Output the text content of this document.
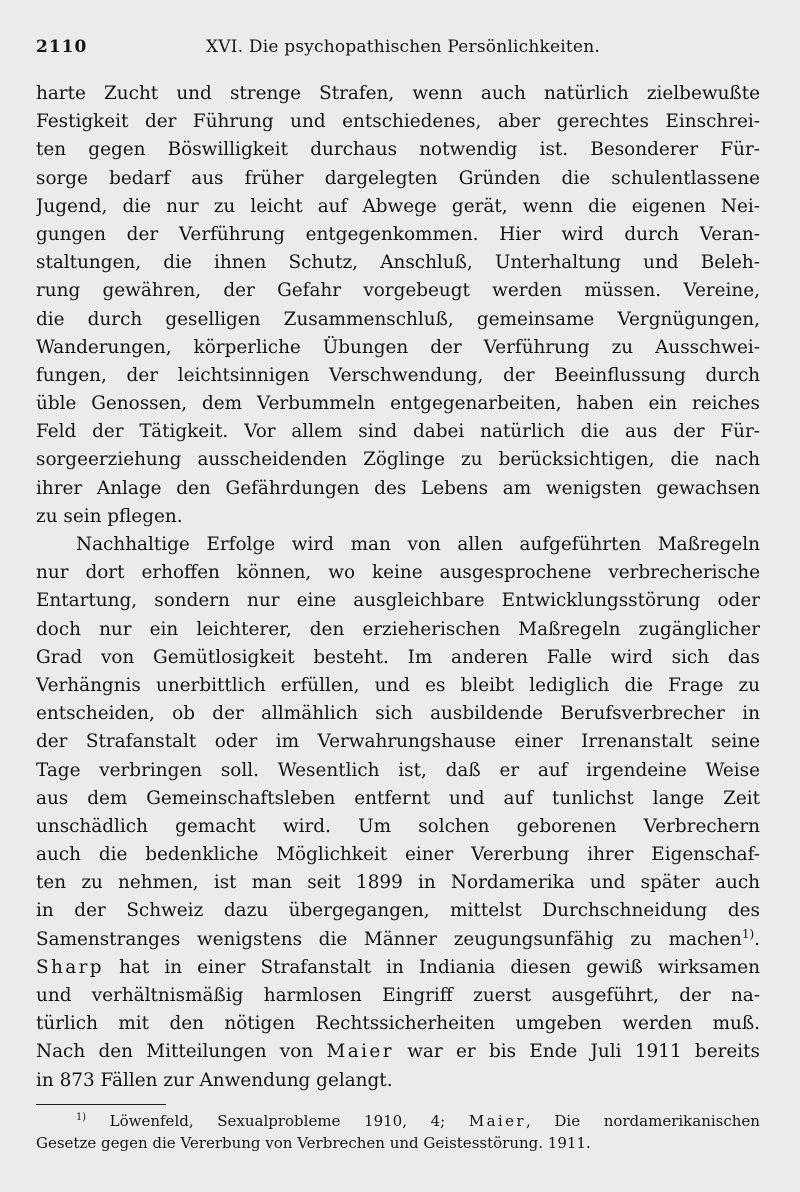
2110	XVI. Die psychopathischen Persönlichkeiten.
harte Zucht und strenge Strafen, wenn auch natürlich zielbewußte
Festigkeit der Führung und entschiedenes, aber gerechtes Einschrei-
ten gegen Böswilligkeit durchaus notwendig ist. Besonderer Für-
sorge bedarf aus früher dargelegten Gründen die schulentlassene
Jugend, die nur zu leicht auf Abwege gerät, wenn die eigenen Nei-
gungen der Verführung entgegenkommen. Hier wird durch Veran-
staltungen, die ihnen Schutz, Anschluß, Unterhaltung und Beleh-
rung gewähren, der Gefahr vorgebeugt werden müssen. Vereine,
die durch geselligen Zusammenschluß, gemeinsame Vergnügungen,
Wanderungen, körperliche Übungen der Verführung zu Ausschwei-
fungen, der leichtsinnigen Verschwendung, der Beeinflussung durch
üble Genossen, dem Verbummeln entgegenarbeiten, haben ein reiches
Feld der Tätigkeit. Vor allem sind dabei natürlich die aus der Für-
sorgeerziehung ausscheidenden Zöglinge zu berücksichtigen, die nach
ihrer Anlage den Gefährdungen des Lebens am wenigsten gewachsen
zu sein pflegen.
Nachhaltige Erfolge wird man von allen aufgeführten Maßregeln
nur dort erhoffen können, wo keine ausgesprochene verbrecherische
Entartung, sondern nur eine ausgleichbare Entwicklungsstörung oder
doch nur ein leichterer, den erzieherischen Maßregeln zugänglicher
Grad von Gemütlosigkeit besteht. Im anderen Falle wird sich das
Verhängnis unerbittlich erfüllen, und es bleibt lediglich die Frage zu
entscheiden, ob der allmählich sich ausbildende Berufsverbrecher in
der Strafanstalt oder im Verwahrungshause einer Irrenanstalt seine
Tage verbringen soll. Wesentlich ist, daß er auf irgendeine Weise
aus dem Gemeinschaftsleben entfernt und auf tunlichst lange Zeit
unschädlich gemacht wird. Um solchen geborenen Verbrechern
auch die bedenkliche Möglichkeit einer Vererbung ihrer Eigenschaf-
ten zu nehmen, ist man seit 1899 in Nordamerika und später auch
in der Schweiz dazu übergegangen, mittelst Durchschneidung des
Samenstranges wenigstens die Männer zeugungsunfähig zu machen$^{1)}$.
Sharp hat in einer Strafanstalt in Indiania diesen gewiß wirksamen
und verhältnismäßig harmlosen Eingriff zuerst ausgeführt, der na-
türlich mit den nötigen Rechtssicherheiten umgeben werden muß.
Nach den Mitteilungen von Maier war er bis Ende Juli 1911 bereits
in 873 Fällen zur Anwendung gelangt.
$^{1)}$ Löwenfeld, Sexualprobleme 1910, 4; Maier, Die nordamerikanischen
Gesetze gegen die Vererbung von Verbrechen und Geistesstörung. 1911.
